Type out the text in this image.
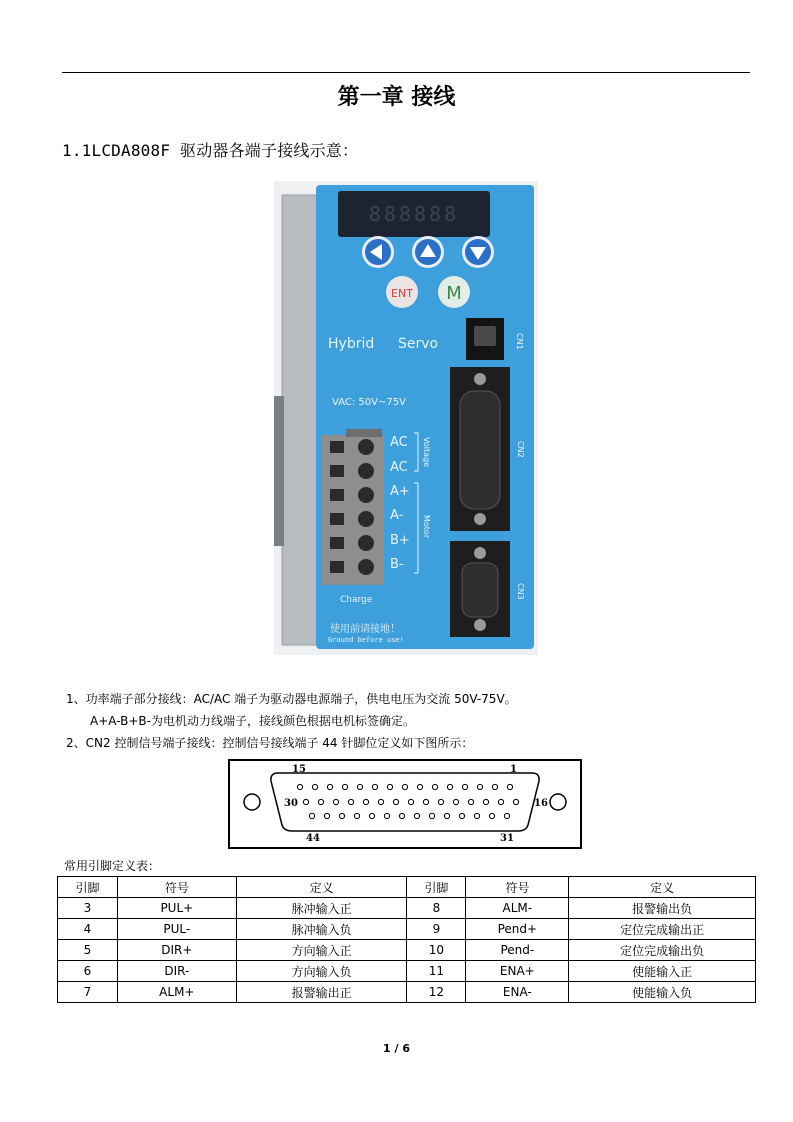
第一章 接线
1.1LCDA808F 驱动器各端子接线示意：
888888
ENT M
Hybrid Servo
VAC: 50V~75V
CN1
CN2
CN3
AC
AC
A+
A-
B+
B-
Voltage
Motor
Charge
使用前请接地！
Ground before use!
1、功率端子部分接线：AC/AC 端子为驱动器电源端子，供电电压为交流 50V-75V。
A+A-B+B-为电机动力线端子，接线颜色根据电机标签确定。
2、CN2 控制信号端子接线：控制信号接线端子 44 针脚位定义如下图所示：
15	1
30	16
44	31
常用引脚定义表：
引脚	符号	定义	引脚	符号	定义
3	PUL+	脉冲输入正	8	ALM-	报警输出负
4	PUL-	脉冲输入负	9	Pend+	定位完成输出正
5	DIR+	方向输入正	10	Pend-	定位完成输出负
6	DIR-	方向输入负	11	ENA+	使能输入正
7	ALM+	报警输出正	12	ENA-	使能输入负
1 / 6
